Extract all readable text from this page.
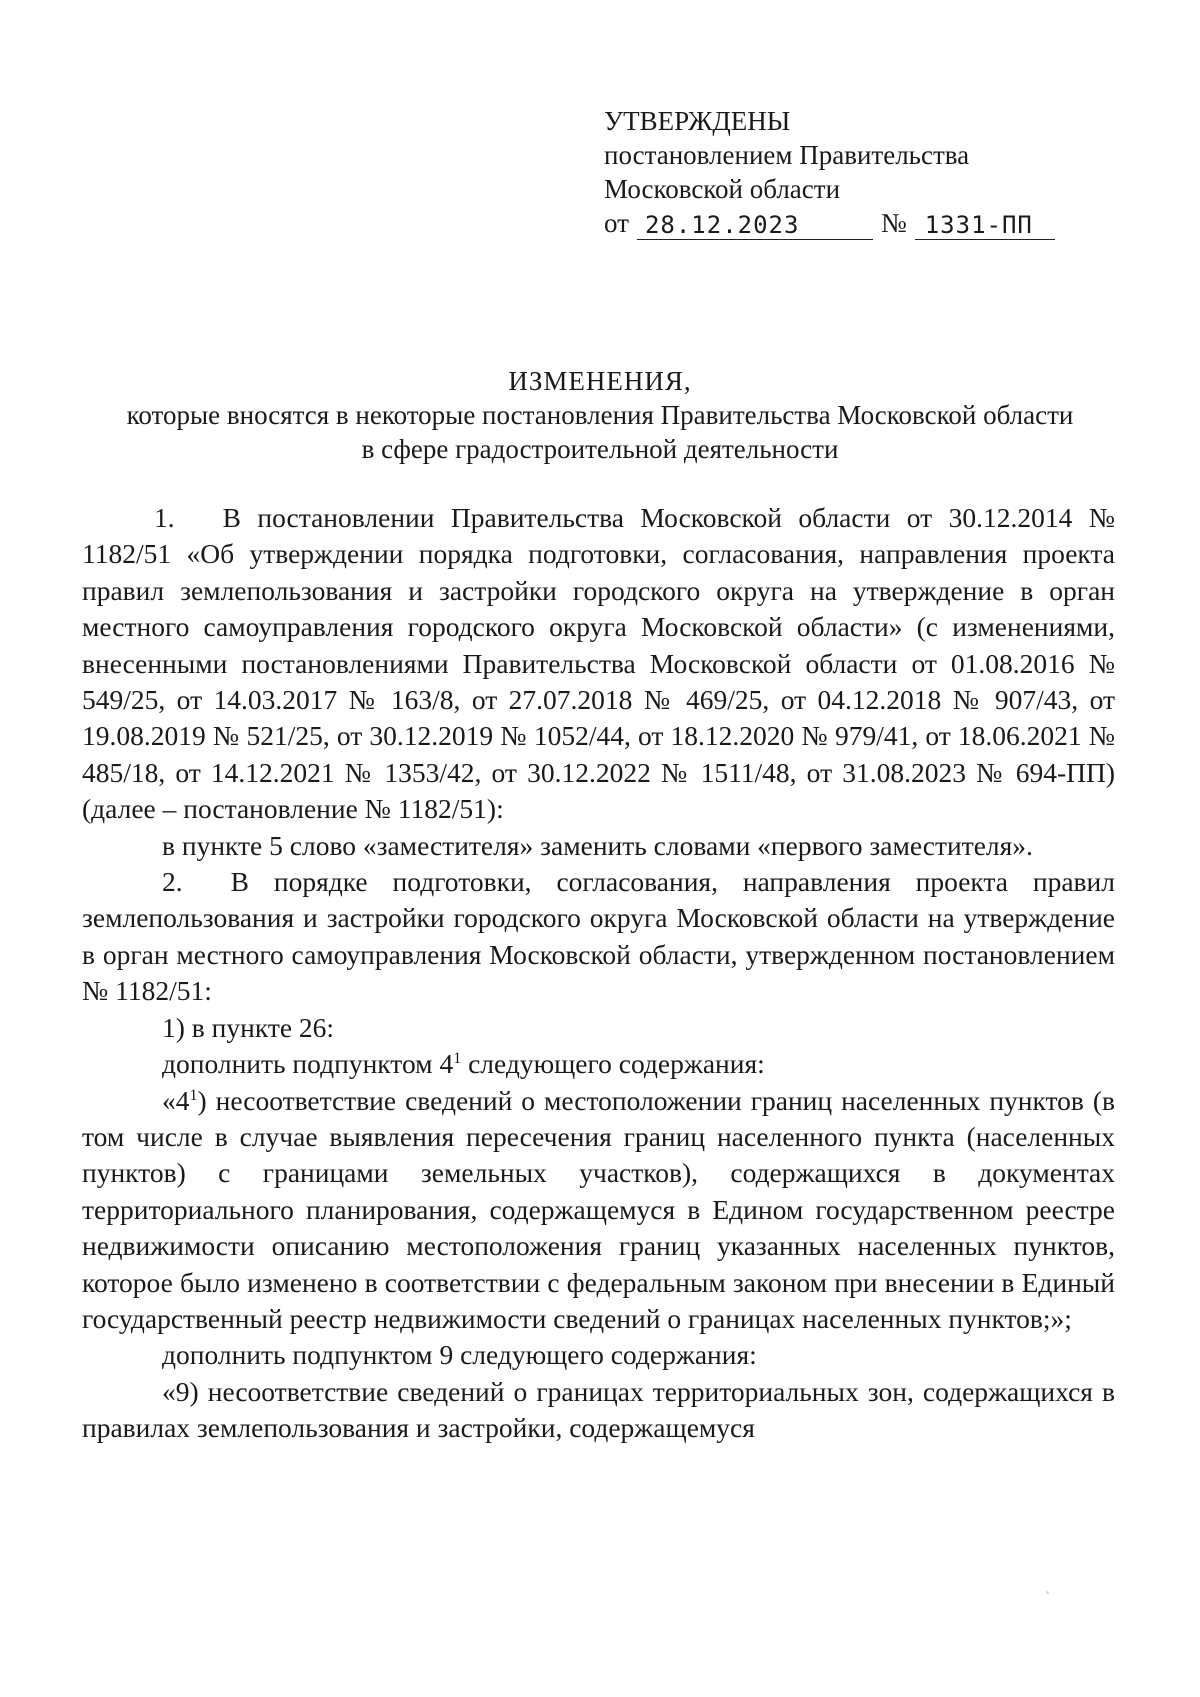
УТВЕРЖДЕНЫ
постановлением Правительства
Московской области
от 28.12.2023	№ 1331-ПП
ИЗМЕНЕНИЯ,
которые вносятся в некоторые постановления Правительства Московской области
в сфере градостроительной деятельности

1. В постановлении Правительства Московской области от 30.12.2014 № 1182/51 «Об утверждении порядка подготовки, согласования, направления проекта правил землепользования и застройки городского округа на утверждение в орган местного самоуправления городского округа Московской области» (с изменениями, внесенными постановлениями Правительства Московской области от 01.08.2016 № 549/25, от 14.03.2017 № 163/8, от 27.07.2018 № 469/25, от 04.12.2018 № 907/43, от 19.08.2019 № 521/25, от 30.12.2019 № 1052/44, от 18.12.2020 № 979/41, от 18.06.2021 № 485/18, от 14.12.2021 № 1353/42, от 30.12.2022 № 1511/48, от 31.08.2023 № 694-ПП) (далее – постановление № 1182/51):

в пункте 5 слово «заместителя» заменить словами «первого заместителя».

2. В порядке подготовки, согласования, направления проекта правил землепользования и застройки городского округа Московской области на утверждение в орган местного самоуправления Московской области, утвержденном постановлением № 1182/51:

1) в пункте 26:

дополнить подпунктом $4^1$ следующего содержания:

«$4^1$) несоответствие сведений о местоположении границ населенных пунктов (в том числе в случае выявления пересечения границ населенного пункта (населенных пунктов) с границами земельных участков), содержащихся в документах территориального планирования, содержащемуся в Едином государственном реестре недвижимости описанию местоположения границ указанных населенных пунктов, которое было изменено в соответствии с федеральным законом при внесении в Единый государственный реестр недвижимости сведений о границах населенных пунктов;»;

дополнить подпунктом 9 следующего содержания:

«9) несоответствие сведений о границах территориальных зон, содержащихся в правилах землепользования и застройки, содержащемуся
